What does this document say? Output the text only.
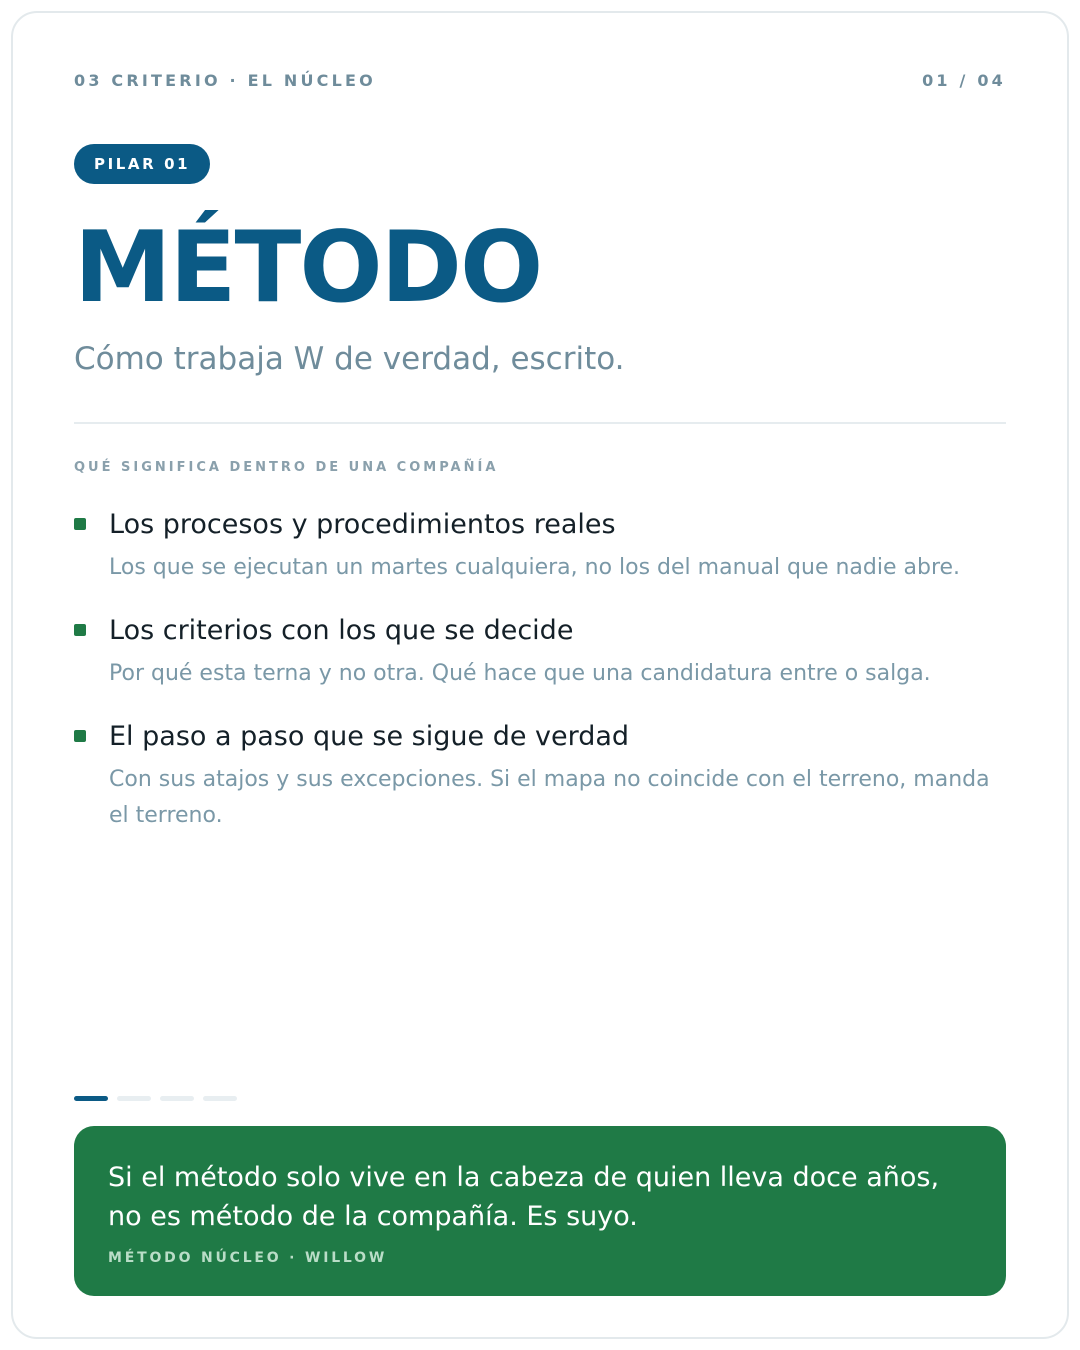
03 CRITERIO · EL NÚCLEO	01 / 04
PILAR 01
MÉTODO
Cómo trabaja W de verdad, escrito.
QUÉ SIGNIFICA DENTRO DE UNA COMPAÑÍA
Los procesos y procedimientos reales
Los que se ejecutan un martes cualquiera, no los del manual que nadie abre.
Los criterios con los que se decide
Por qué esta terna y no otra. Qué hace que una candidatura entre o salga.
El paso a paso que se sigue de verdad
Con sus atajos y sus excepciones. Si el mapa no coincide con el terreno, manda el terreno.
Si el método solo vive en la cabeza de quien lleva doce años, no es método de la compañía. Es suyo.
MÉTODO NÚCLEO · WILLOW
